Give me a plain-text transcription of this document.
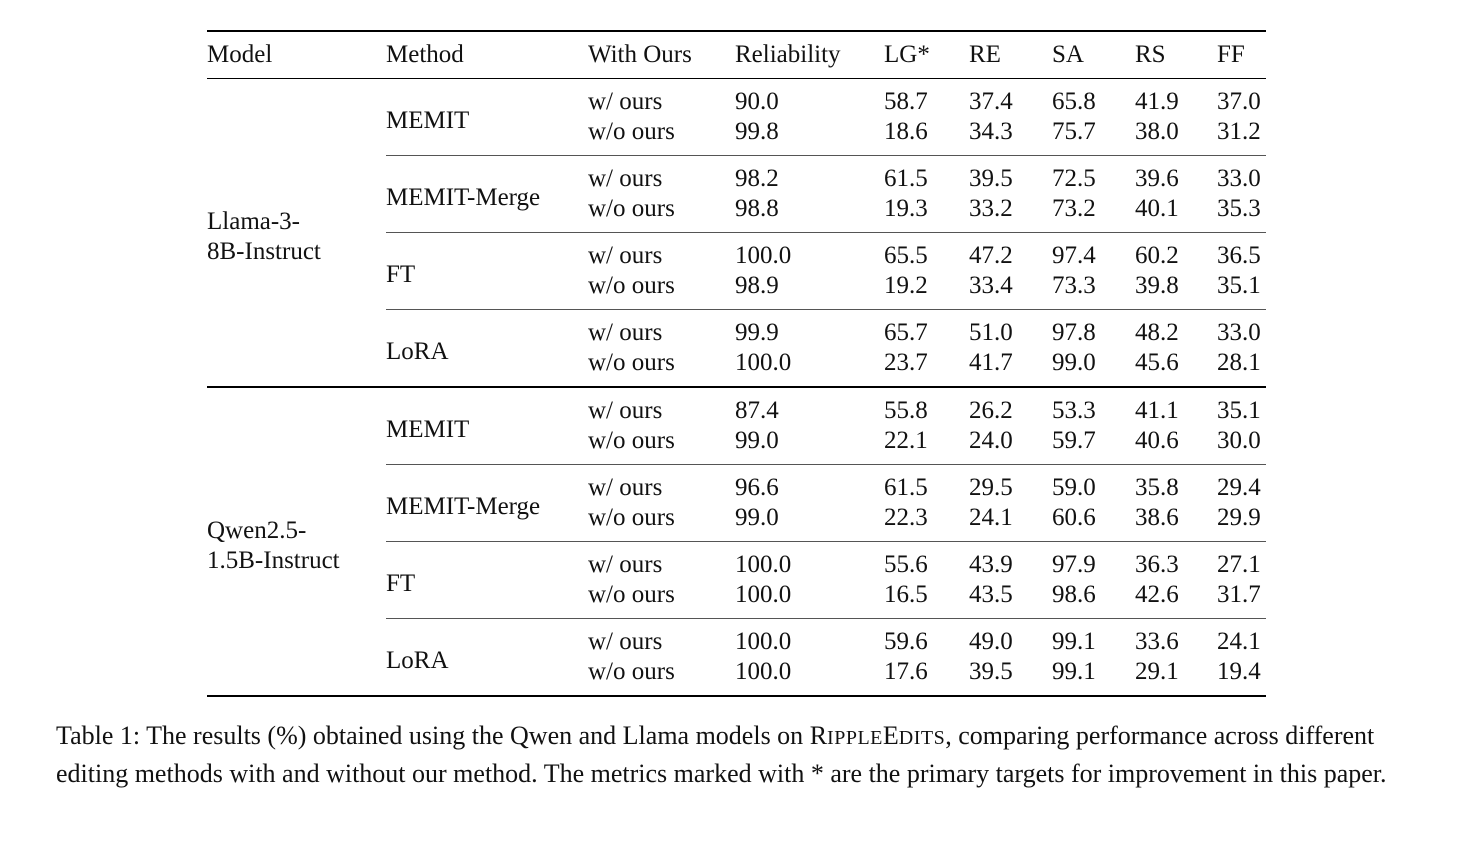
Model	Method	With Ours	Reliability	LG*	RE	SA	RS	FF

Llama-3-
8B-Instruct	MEMIT	w/ ours	90.0	58.7	37.4	65.8	41.9	37.0
		w/o ours	99.8	18.6	34.3	75.7	38.0	31.2
	MEMIT-Merge	w/ ours	98.2	61.5	39.5	72.5	39.6	33.0
		w/o ours	98.8	19.3	33.2	73.2	40.1	35.3
	FT	w/ ours	100.0	65.5	47.2	97.4	60.2	36.5
		w/o ours	98.9	19.2	33.4	73.3	39.8	35.1
	LoRA	w/ ours	99.9	65.7	51.0	97.8	48.2	33.0
		w/o ours	100.0	23.7	41.7	99.0	45.6	28.1

Qwen2.5-
1.5B-Instruct	MEMIT	w/ ours	87.4	55.8	26.2	53.3	41.1	35.1
		w/o ours	99.0	22.1	24.0	59.7	40.6	30.0
	MEMIT-Merge	w/ ours	96.6	61.5	29.5	59.0	35.8	29.4
		w/o ours	99.0	22.3	24.1	60.6	38.6	29.9
	FT	w/ ours	100.0	55.6	43.9	97.9	36.3	27.1
		w/o ours	100.0	16.5	43.5	98.6	42.6	31.7
	LoRA	w/ ours	100.0	59.6	49.0	99.1	33.6	24.1
		w/o ours	100.0	17.6	39.5	99.1	29.1	19.4
Table 1: The results (%) obtained using the Qwen and Llama models on RIPPLEEDITS, comparing performance across different editing methods with and without our method. The metrics marked with * are the primary targets for improvement in this paper.
